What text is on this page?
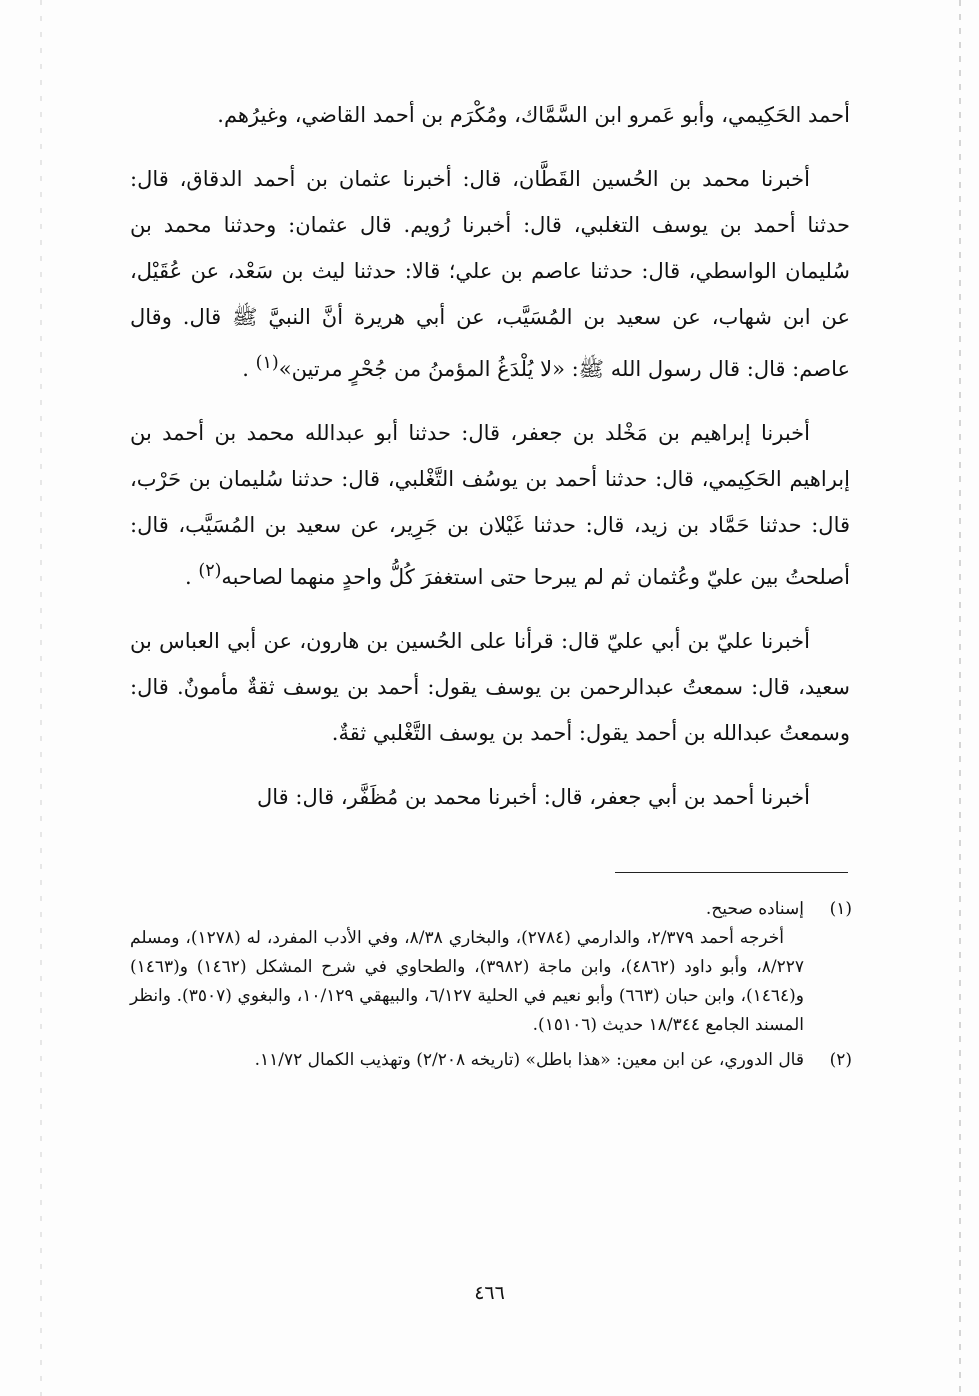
أحمد الحَكِيمي، وأبو عَمرو ابن السَّمَّاك، ومُكْرَم بن أحمد القاضي، وغيرُهم.

أخبرنا محمد بن الحُسين القَطَّان، قال: أخبرنا عثمان بن أحمد الدقاق، قال: حدثنا أحمد بن يوسف التغلبي، قال: أخبرنا رُويم. قال عثمان: وحدثنا محمد بن سُليمان الواسطي، قال: حدثنا عاصم بن علي؛ قالا: حدثنا ليث بن سَعْد، عن عُقَيْل، عن ابن شهاب، عن سعيد بن المُسَيَّب، عن أبي هريرة أنَّ النبيَّ ﷺ قال. وقال عاصم: قال: قال رسول الله ﷺ: «لا يُلْدَغُ المؤمنُ من جُحْرٍ مرتين»$^{(١)}$ .

أخبرنا إبراهيم بن مَخْلد بن جعفر، قال: حدثنا أبو عبدالله محمد بن أحمد بن إبراهيم الحَكِيمي، قال: حدثنا أحمد بن يوسُف التَّغْلبي، قال: حدثنا سُليمان بن حَرْب، قال: حدثنا حَمَّاد بن زيد، قال: حدثنا غَيْلان بن جَرِير، عن سعيد بن المُسَيَّب، قال: أصلحتُ بين عليّ وعُثمان ثم لم يبرحا حتى استغفرَ كُلُّ واحدٍ منهما لصاحبه$^{(٢)}$ .

أخبرنا عليّ بن أبي عليّ قال: قرأنا على الحُسين بن هارون، عن أبي العباس بن سعيد، قال: سمعتُ عبدالرحمن بن يوسف يقول: أحمد بن يوسف ثقةٌ مأمونٌ. قال: وسمعتُ عبدالله بن أحمد يقول: أحمد بن يوسف التَّغْلبي ثقةٌ.

أخبرنا أحمد بن أبي جعفر، قال: أخبرنا محمد بن مُظَفَّر، قال: قال

(١)
إسناده صحيح.
أخرجه أحمد ٢/٣٧٩، والدارمي (٢٧٨٤)، والبخاري ٨/٣٨، وفي الأدب المفرد، له (١٢٧٨)، ومسلم ٨/٢٢٧، وأبو داود (٤٨٦٢)، وابن ماجة (٣٩٨٢)، والطحاوي في شرح المشكل (١٤٦٢) و(١٤٦٣) و(١٤٦٤)، وابن حبان (٦٦٣) وأبو نعيم في الحلية ٦/١٢٧، والبيهقي ١٠/١٢٩، والبغوي (٣٥٠٧). وانظر المسند الجامع ١٨/٣٤٤ حديث (١٥١٠٦).
(٢)
قال الدوري، عن ابن معين: «هذا باطل» (تاريخه ٢/٢٠٨) وتهذيب الكمال ١١/٧٢.
٤٦٦
